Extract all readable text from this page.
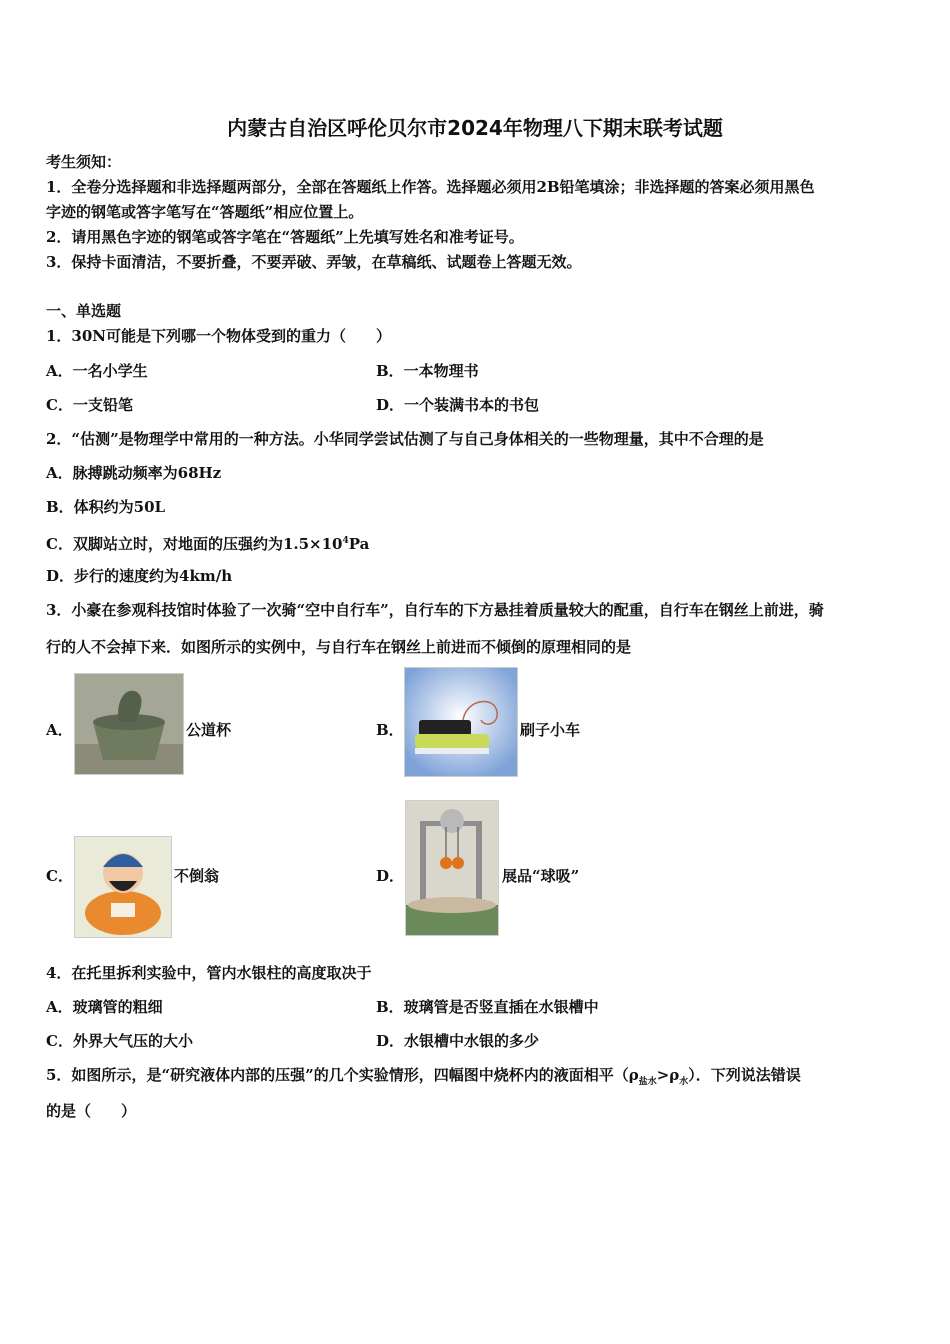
内蒙古自治区呼伦贝尔市2024年物理八下期末联考试题
考生须知：
1．全卷分选择题和非选择题两部分，全部在答题纸上作答。选择题必须用2B铅笔填涂；非选择题的答案必须用黑色
字迹的钢笔或答字笔写在“答题纸”相应位置上。
2．请用黑色字迹的钢笔或答字笔在“答题纸”上先填写姓名和准考证号。
3．保持卡面清洁，不要折叠，不要弄破、弄皱，在草稿纸、试题卷上答题无效。
一、单选题
1．30N可能是下列哪一个物体受到的重力（　　）
A．一名小学生	B．一本物理书
C．一支铅笔	D．一个装满书本的书包
2．“估测”是物理学中常用的一种方法。小华同学尝试估测了与自己身体相关的一些物理量，其中不合理的是
A．脉搏跳动频率为68Hz
B．体积约为50L
C．双脚站立时，对地面的压强约为$1.5\times 10^4Pa$
D．步行的速度约为4km/h
3．小豪在参观科技馆时体验了一次骑“空中自行车”，自行车的下方悬挂着质量较大的配重，自行车在钢丝上前进，骑
行的人不会掉下来．如图所示的实例中，与自行车在钢丝上前进而不倾倒的原理相同的是
A．	公道杯	B．	刷子小车
C．	不倒翁	D．	展品“球吸”
4．在托里拆利实验中，管内水银柱的高度取决于
A．玻璃管的粗细	B．玻璃管是否竖直插在水银槽中
C．外界大气压的大小	D．水银槽中水银的多少
5．如图所示，是“研究液体内部的压强”的几个实验情形，四幅图中烧杯内的液面相平$(\rho_{盐水}>\rho_水)$．下列说法错误
的是（　　）
